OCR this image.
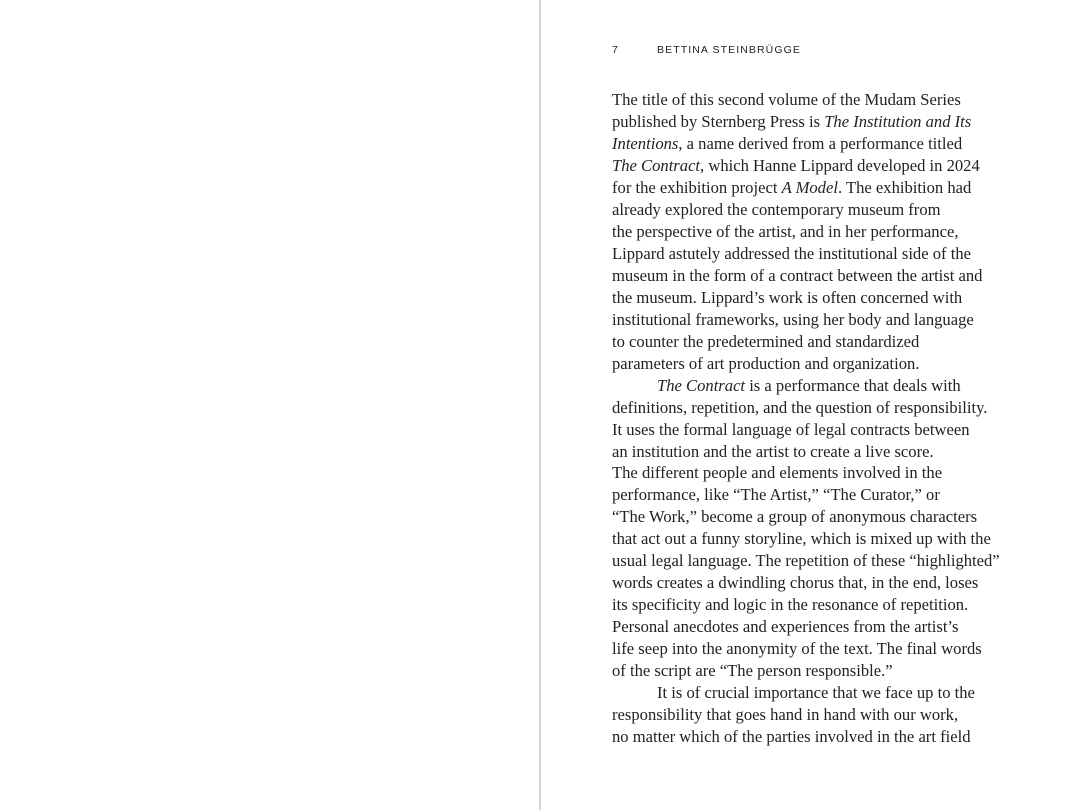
7	BETTINA STEINBRÜGGE
The title of this second volume of the Mudam Series
published by Sternberg Press is The Institution and Its
Intentions, a name derived from a performance titled
The Contract, which Hanne Lippard developed in 2024
for the exhibition project A Model. The exhibition had
already explored the contemporary museum from
the perspective of the artist, and in her performance,
Lippard astutely addressed the institutional side of the
museum in the form of a contract between the artist and
the museum. Lippard’s work is often concerned with
institutional frameworks, using her body and language
to counter the predetermined and standardized
parameters of art production and organization.
The Contract is a performance that deals with
definitions, repetition, and the question of responsibility.
It uses the formal language of legal contracts between
an institution and the artist to create a live score.
The different people and elements involved in the
performance, like “The Artist,” “The Curator,” or
“The Work,” become a group of anonymous characters
that act out a funny storyline, which is mixed up with the
usual legal language. The repetition of these “highlighted”
words creates a dwindling chorus that, in the end, loses
its specificity and logic in the resonance of repetition.
Personal anecdotes and experiences from the artist’s
life seep into the anonymity of the text. The final words
of the script are “The person responsible.”
It is of crucial importance that we face up to the
responsibility that goes hand in hand with our work,
no matter which of the parties involved in the art field
